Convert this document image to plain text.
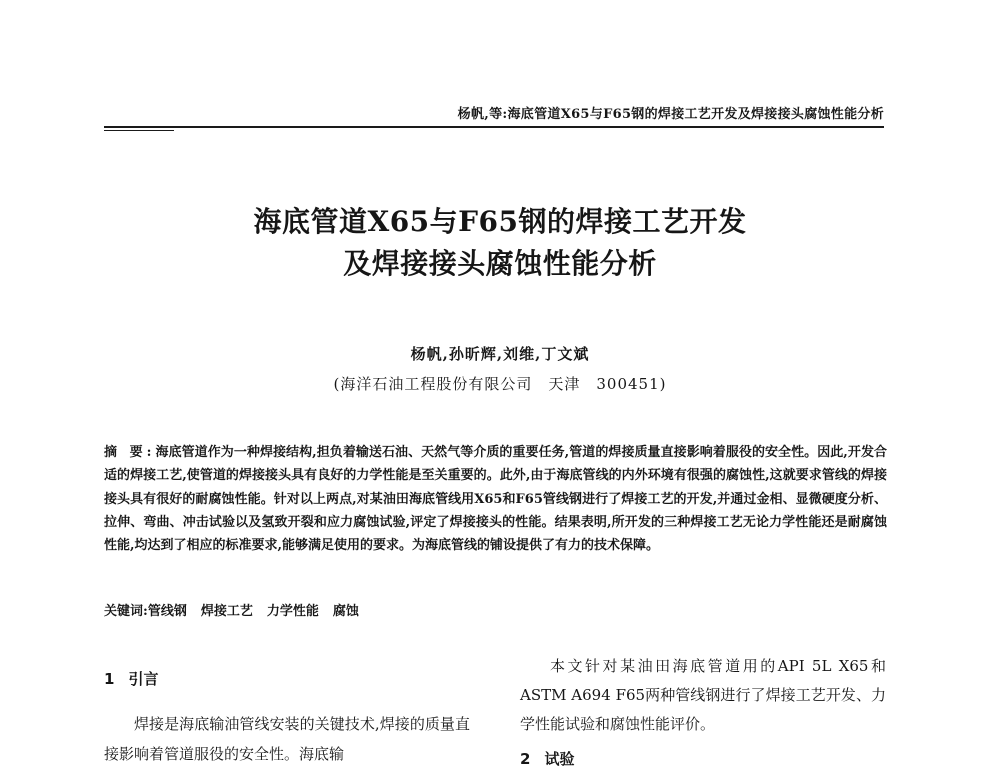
杨帆,等:海底管道X65与F65钢的焊接工艺开发及焊接接头腐蚀性能分析
海底管道X65与F65钢的焊接工艺开发
及焊接接头腐蚀性能分析
杨帆,孙昕辉,刘维,丁文斌
(海洋石油工程股份有限公司　天津　300451)
摘 要:海底管道作为一种焊接结构,担负着输送石油、天然气等介质的重要任务,管道的焊接质量直接影响着服役的安全性。因此,开发合适的焊接工艺,使管道的焊接接头具有良好的力学性能是至关重要的。此外,由于海底管线的内外环境有很强的腐蚀性,这就要求管线的焊接接头具有很好的耐腐蚀性能。针对以上两点,对某油田海底管线用X65和F65管线钢进行了焊接工艺的开发,并通过金相、显微硬度分析、拉伸、弯曲、冲击试验以及氢致开裂和应力腐蚀试验,评定了焊接接头的性能。结果表明,所开发的三种焊接工艺无论力学性能还是耐腐蚀性能,均达到了相应的标准要求,能够满足使用的要求。为海底管线的铺设提供了有力的技术保障。
关键词:管线钢 焊接工艺 力学性能 腐蚀
1 引言

焊接是海底输油管线安装的关键技术,焊接的质量直接影响着管道服役的安全性。海底输

本文针对某油田海底管道用的API 5L X65和ASTM A694 F65两种管线钢进行了焊接工艺开发、力学性能试验和腐蚀性能评价。

2 试验
